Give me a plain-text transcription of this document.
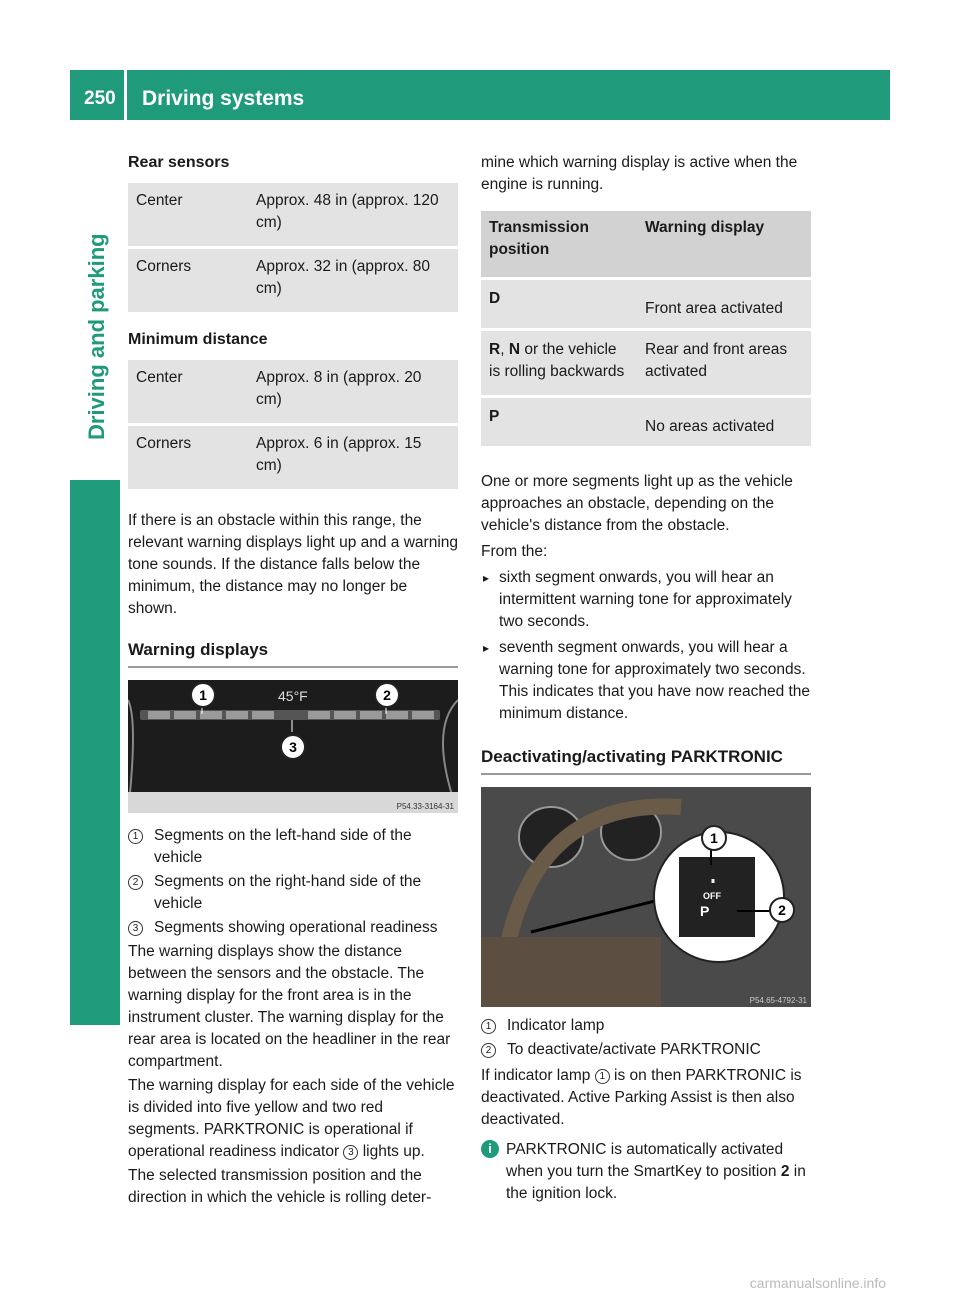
250 Driving systems
Driving and parking
Rear sensors
Center	Approx. 48 in (approx. 120 cm)
Corners	Approx. 32 in (approx. 80 cm)
Minimum distance
Center	Approx. 8 in (approx. 20 cm)
Corners	Approx. 6 in (approx. 15 cm)

If there is an obstacle within this range, the relevant warning displays light up and a warning tone sounds. If the distance falls below the minimum, the distance may no longer be shown.

Warning displays
45°F
1	2
3
P54.33-3164-31
1	Segments on the left-hand side of the vehicle
2	Segments on the right-hand side of the vehicle
3	Segments showing operational readiness

The warning displays show the distance between the sensors and the obstacle. The warning display for the front area is in the instrument cluster. The warning display for the rear area is located on the headliner in the rear compartment.

The warning display for each side of the vehicle is divided into five yellow and two red segments. PARKTRONIC is operational if operational readiness indicator 3 lights up.

The selected transmission position and the direction in which the vehicle is rolling deter-

mine which warning display is active when the engine is running.

Transmission position	Warning display
D	Front area activated
R, N or the vehicle is rolling backwards	Rear and front areas activated
P	No areas activated

One or more segments light up as the vehicle approaches an obstacle, depending on the vehicle's distance from the obstacle.

From the:

▸ sixth segment onwards, you will hear an intermittent warning tone for approximately two seconds.
▸ seventh segment onwards, you will hear a warning tone for approximately two seconds. This indicates that you have now reached the minimum distance.
Deactivating/activating PARKTRONIC
OFF
P
1
2
P54.65-4792-31
1	Indicator lamp
2	To deactivate/activate PARKTRONIC

If indicator lamp 1 is on then PARKTRONIC is deactivated. Active Parking Assist is then also deactivated.

i PARKTRONIC is automatically activated when you turn the SmartKey to position 2 in the ignition lock.
carmanualsonline.info
